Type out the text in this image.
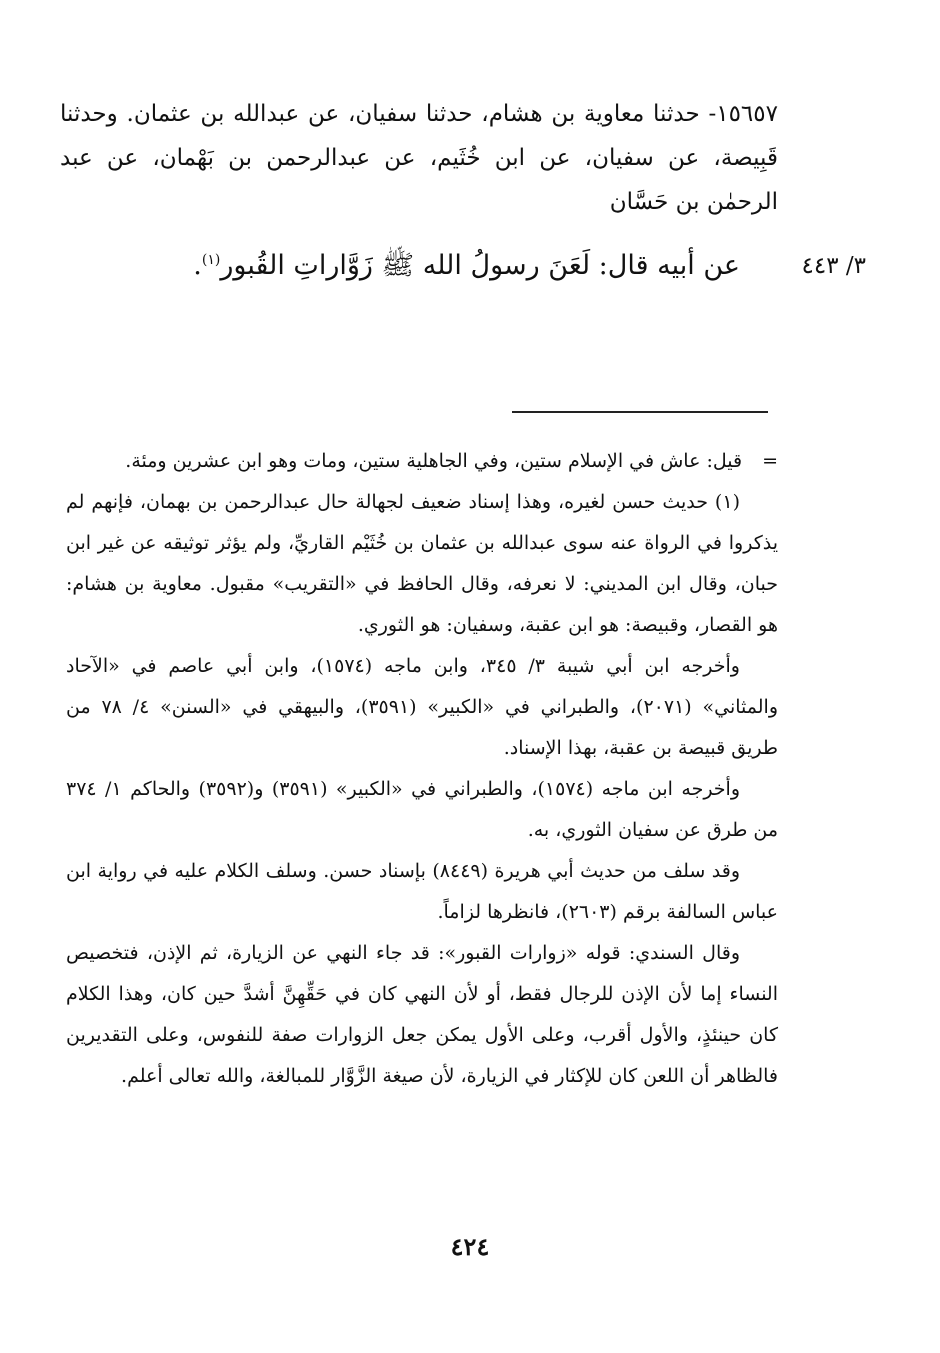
١٥٦٥٧- حدثنا معاوية بن هشام، حدثنا سفيان، عن عبدالله بن عثمان. وحدثنا قَبِيصة، عن سفيان، عن ابن خُثَيم، عن عبدالرحمن بن بَهْمان، عن عبد الرحمٰن بن حَسَّان
٣/ ٤٤٣
عن أبيه قال: لَعَنَ رسولُ الله ﷺ زَوَّاراتِ القُبور$^{(١)}$.

=قيل: عاش في الإسلام ستين، وفي الجاهلية ستين، ومات وهو ابن عشرين ومئة.

(١) حديث حسن لغيره، وهذا إسناد ضعيف لجهالة حال عبدالرحمن بن بهمان، فإنهم لم يذكروا في الرواة عنه سوى عبدالله بن عثمان بن خُثَيْم القاريِّ، ولم يؤثر توثيقه عن غير ابن حبان، وقال ابن المديني: لا نعرفه، وقال الحافظ في «التقريب» مقبول. معاوية بن هشام: هو القصار، وقبيصة: هو ابن عقبة، وسفيان: هو الثوري.

وأخرجه ابن أبي شيبة ٣/ ٣٤٥، وابن ماجه (١٥٧٤)، وابن أبي عاصم في «الآحاد والمثاني» (٢٠٧١)، والطبراني في «الكبير» (٣٥٩١)، والبيهقي في «السنن» ٤/ ٧٨ من طريق قبيصة بن عقبة، بهذا الإسناد.

وأخرجه ابن ماجه (١٥٧٤)، والطبراني في «الكبير» (٣٥٩١) و(٣٥٩٢) والحاكم ١/ ٣٧٤ من طرق عن سفيان الثوري، به.

وقد سلف من حديث أبي هريرة (٨٤٤٩) بإسناد حسن. وسلف الكلام عليه في رواية ابن عباس السالفة برقم (٢٦٠٣)، فانظرها لزاماً.

وقال السندي: قوله «زوارات القبور»: قد جاء النهي عن الزيارة، ثم الإذن، فتخصيص النساء إما لأن الإذن للرجال فقط، أو لأن النهي كان في حَقِّهِنَّ أشدَّ حين كان، وهذا الكلام كان حينئذٍ، والأول أقرب، وعلى الأول يمكن جعل الزوارات صفة للنفوس، وعلى التقديرين فالظاهر أن اللعن كان للإكثار في الزيارة، لأن صيغة الزَّوَّار للمبالغة، والله تعالى أعلم.

٤٢٤
